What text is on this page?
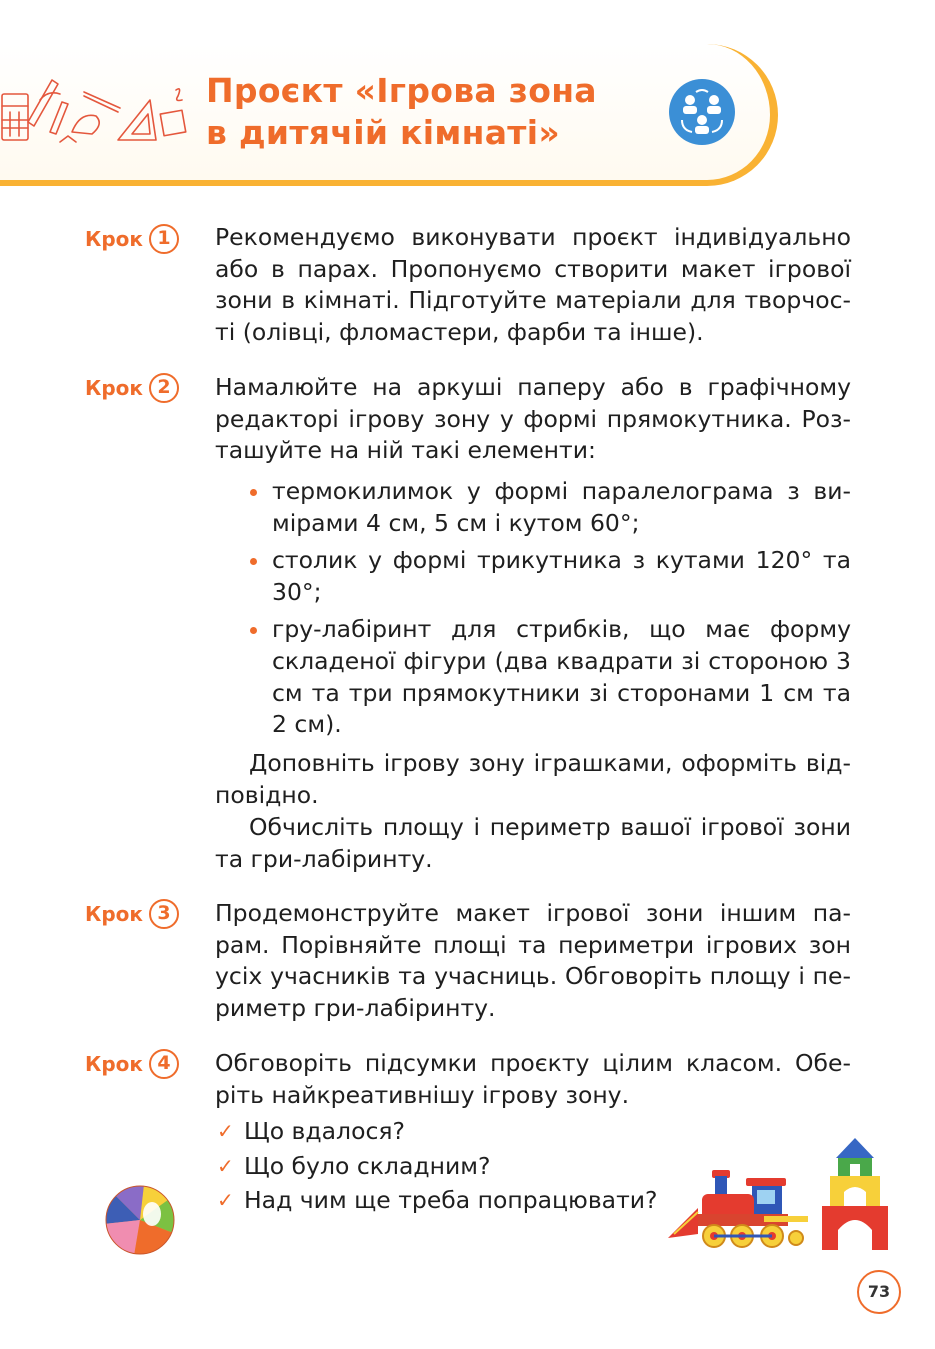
Проєкт «Ігрова зона
в дитячій кімнаті»
Крок 1	Рекомендуємо виконувати проєкт індивідуально або в парах. Пропонуємо створити макет ігрової зони в кімнаті. Підготуйте матеріали для творчості (олівці, фломастери, фарби та інше).

Крок 2	Намалюйте на аркуші паперу або в графічному редакторі ігрову зону у формі прямокутника. Розташуйте на ній такі елементи:

термокилимок у формі паралелограма з вимірами 4 см, 5 см і кутом 60°;
столик у формі трикутника з кутами 120° та 30°;
гру-лабіринт для стрибків, що має форму складеної фігури (два квадрати зі стороною 3 см та три прямокутники зі сторонами 1 см та 2 см).

Доповніть ігрову зону іграшками, оформіть відповідно.

Обчисліть площу і периметр вашої ігрової зони та гри-лабіринту.

Крок 3	Продемонструйте макет ігрової зони іншим парам. Порівняйте площі та периметри ігрових зон усіх учасників та учасниць. Обговоріть площу і периметр гри-лабіринту.

Крок 4	Обговоріть підсумки проєкту цілим класом. Оберіть найкреативнішу ігрову зону.

✓ Що вдалося?
✓ Що було складним?
✓ Над чим ще треба попрацювати?
73
